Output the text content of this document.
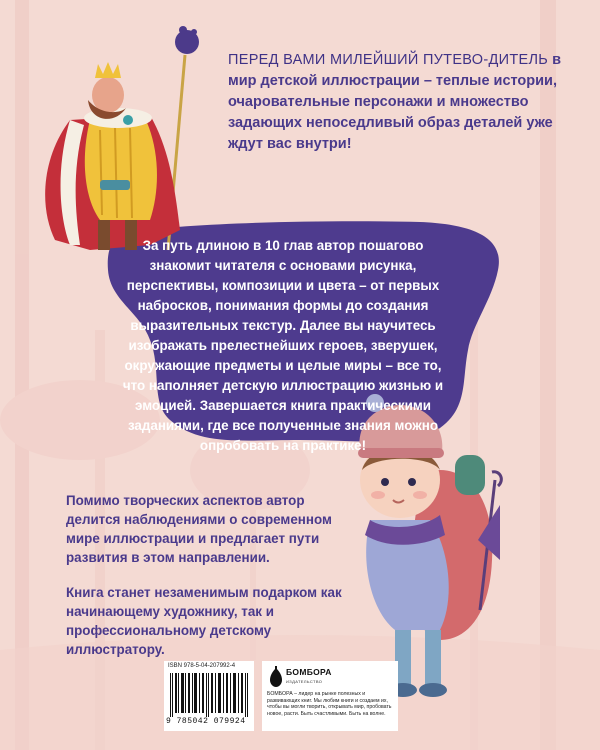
ПЕРЕД ВАМИ МИЛЕЙШИЙ ПУТЕВО-ДИТЕЛЬ в мир детской иллюстрации – теплые истории, очаровательные персонажи и множество задающих непоседливый образ деталей уже ждут вас внутри!
За путь длиною в 10 глав автор пошагово знакомит читателя с основами рисунка, перспективы, композиции и цвета – от первых набросков, понимания формы до создания выразительных текстур. Далее вы научитесь изображать прелестнейших героев, зверушек, окружающие предметы и целые миры – все то, что наполняет детскую иллюстрацию жизнью и эмоцией. Завершается книга практическими заданиями, где все полученные знания можно опробовать на практике!
Помимо творческих аспектов автор делится наблюдениями о современном мире иллюстрации и предлагает пути развития в этом направлении.
Книга станет незаменимым подарком как начинающему художнику, так и профессиональному детскому иллюстратору.
ISBN 978-5-04-207992-4
9 785042 079924
БОМБОРА
ИЗДАТЕЛЬСТВО
БОМБОРА – лидер на рынке полезных и развивающих книг. Мы любим книги и создаем их, чтобы вы могли творить, открывать мир, пробовать новое, расти. Быть счастливыми. Быть на волне.
